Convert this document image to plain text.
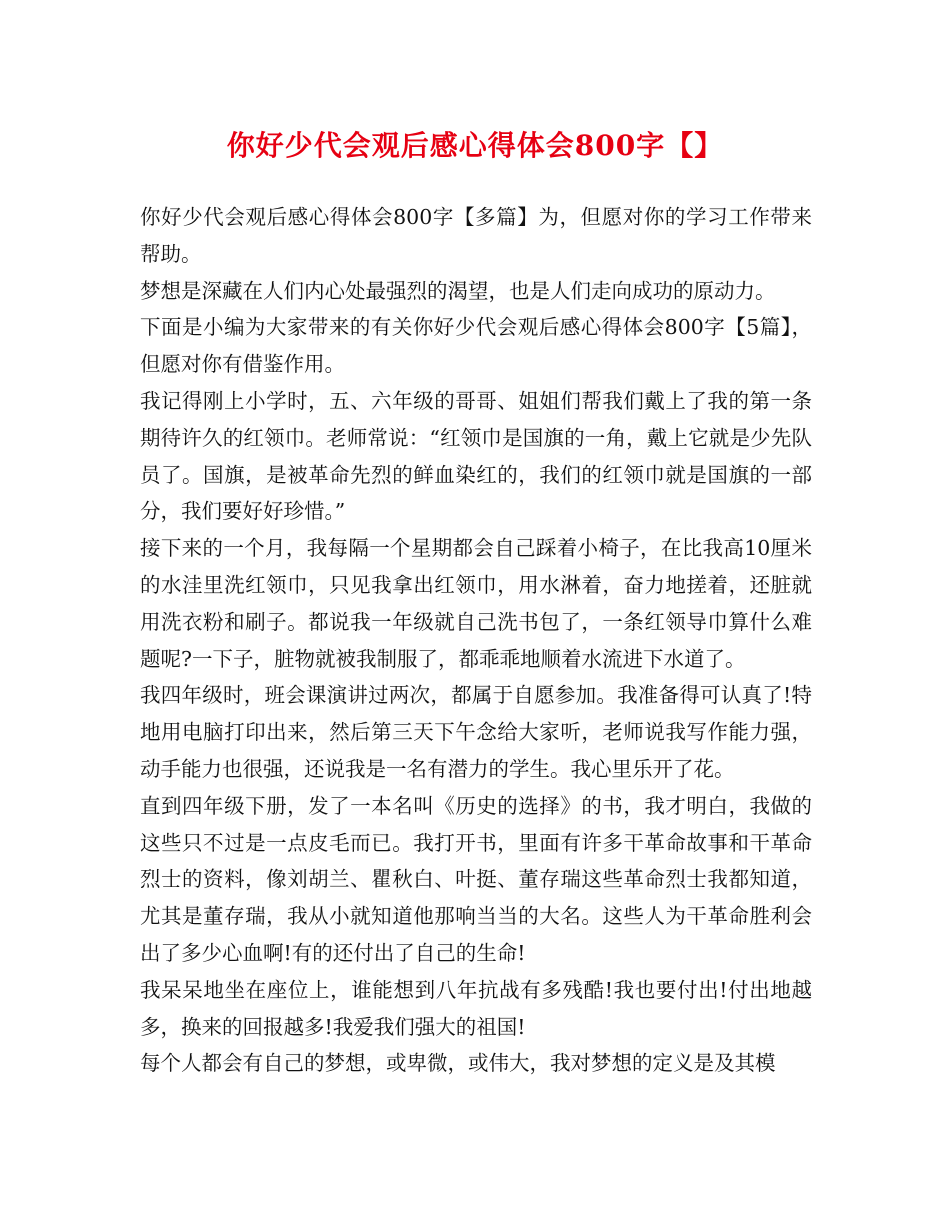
你好少代会观后感心得体会800字【】

你好少代会观后感心得体会800字【多篇】为，但愿对你的学习工作带来帮助。

梦想是深藏在人们内心处最强烈的渴望，也是人们走向成功的原动力。

下面是小编为大家带来的有关你好少代会观后感心得体会800字【5篇】，但愿对你有借鉴作用。

我记得刚上小学时，五、六年级的哥哥、姐姐们帮我们戴上了我的第一条期待许久的红领巾。老师常说：“红领巾是国旗的一角，戴上它就是少先队员了。国旗，是被革命先烈的鲜血染红的，我们的红领巾就是国旗的一部分，我们要好好珍惜。”

接下来的一个月，我每隔一个星期都会自己踩着小椅子，在比我高10厘米的水洼里洗红领巾，只见我拿出红领巾，用水淋着，奋力地搓着，还脏就用洗衣粉和刷子。都说我一年级就自己洗书包了，一条红领导巾算什么难题呢?一下子，脏物就被我制服了，都乖乖地顺着水流进下水道了。

我四年级时，班会课演讲过两次，都属于自愿参加。我准备得可认真了!特地用电脑打印出来，然后第三天下午念给大家听，老师说我写作能力强，动手能力也很强，还说我是一名有潜力的学生。我心里乐开了花。

直到四年级下册，发了一本名叫《历史的选择》的书，我才明白，我做的这些只不过是一点皮毛而已。我打开书，里面有许多干革命故事和干革命烈士的资料，像刘胡兰、瞿秋白、叶挺、董存瑞这些革命烈士我都知道，尤其是董存瑞，我从小就知道他那响当当的大名。这些人为干革命胜利会出了多少心血啊!有的还付出了自己的生命!

我呆呆地坐在座位上，谁能想到八年抗战有多残酷!我也要付出!付出地越多，换来的回报越多!我爱我们强大的祖国!

每个人都会有自己的梦想，或卑微，或伟大，我对梦想的定义是及其模
